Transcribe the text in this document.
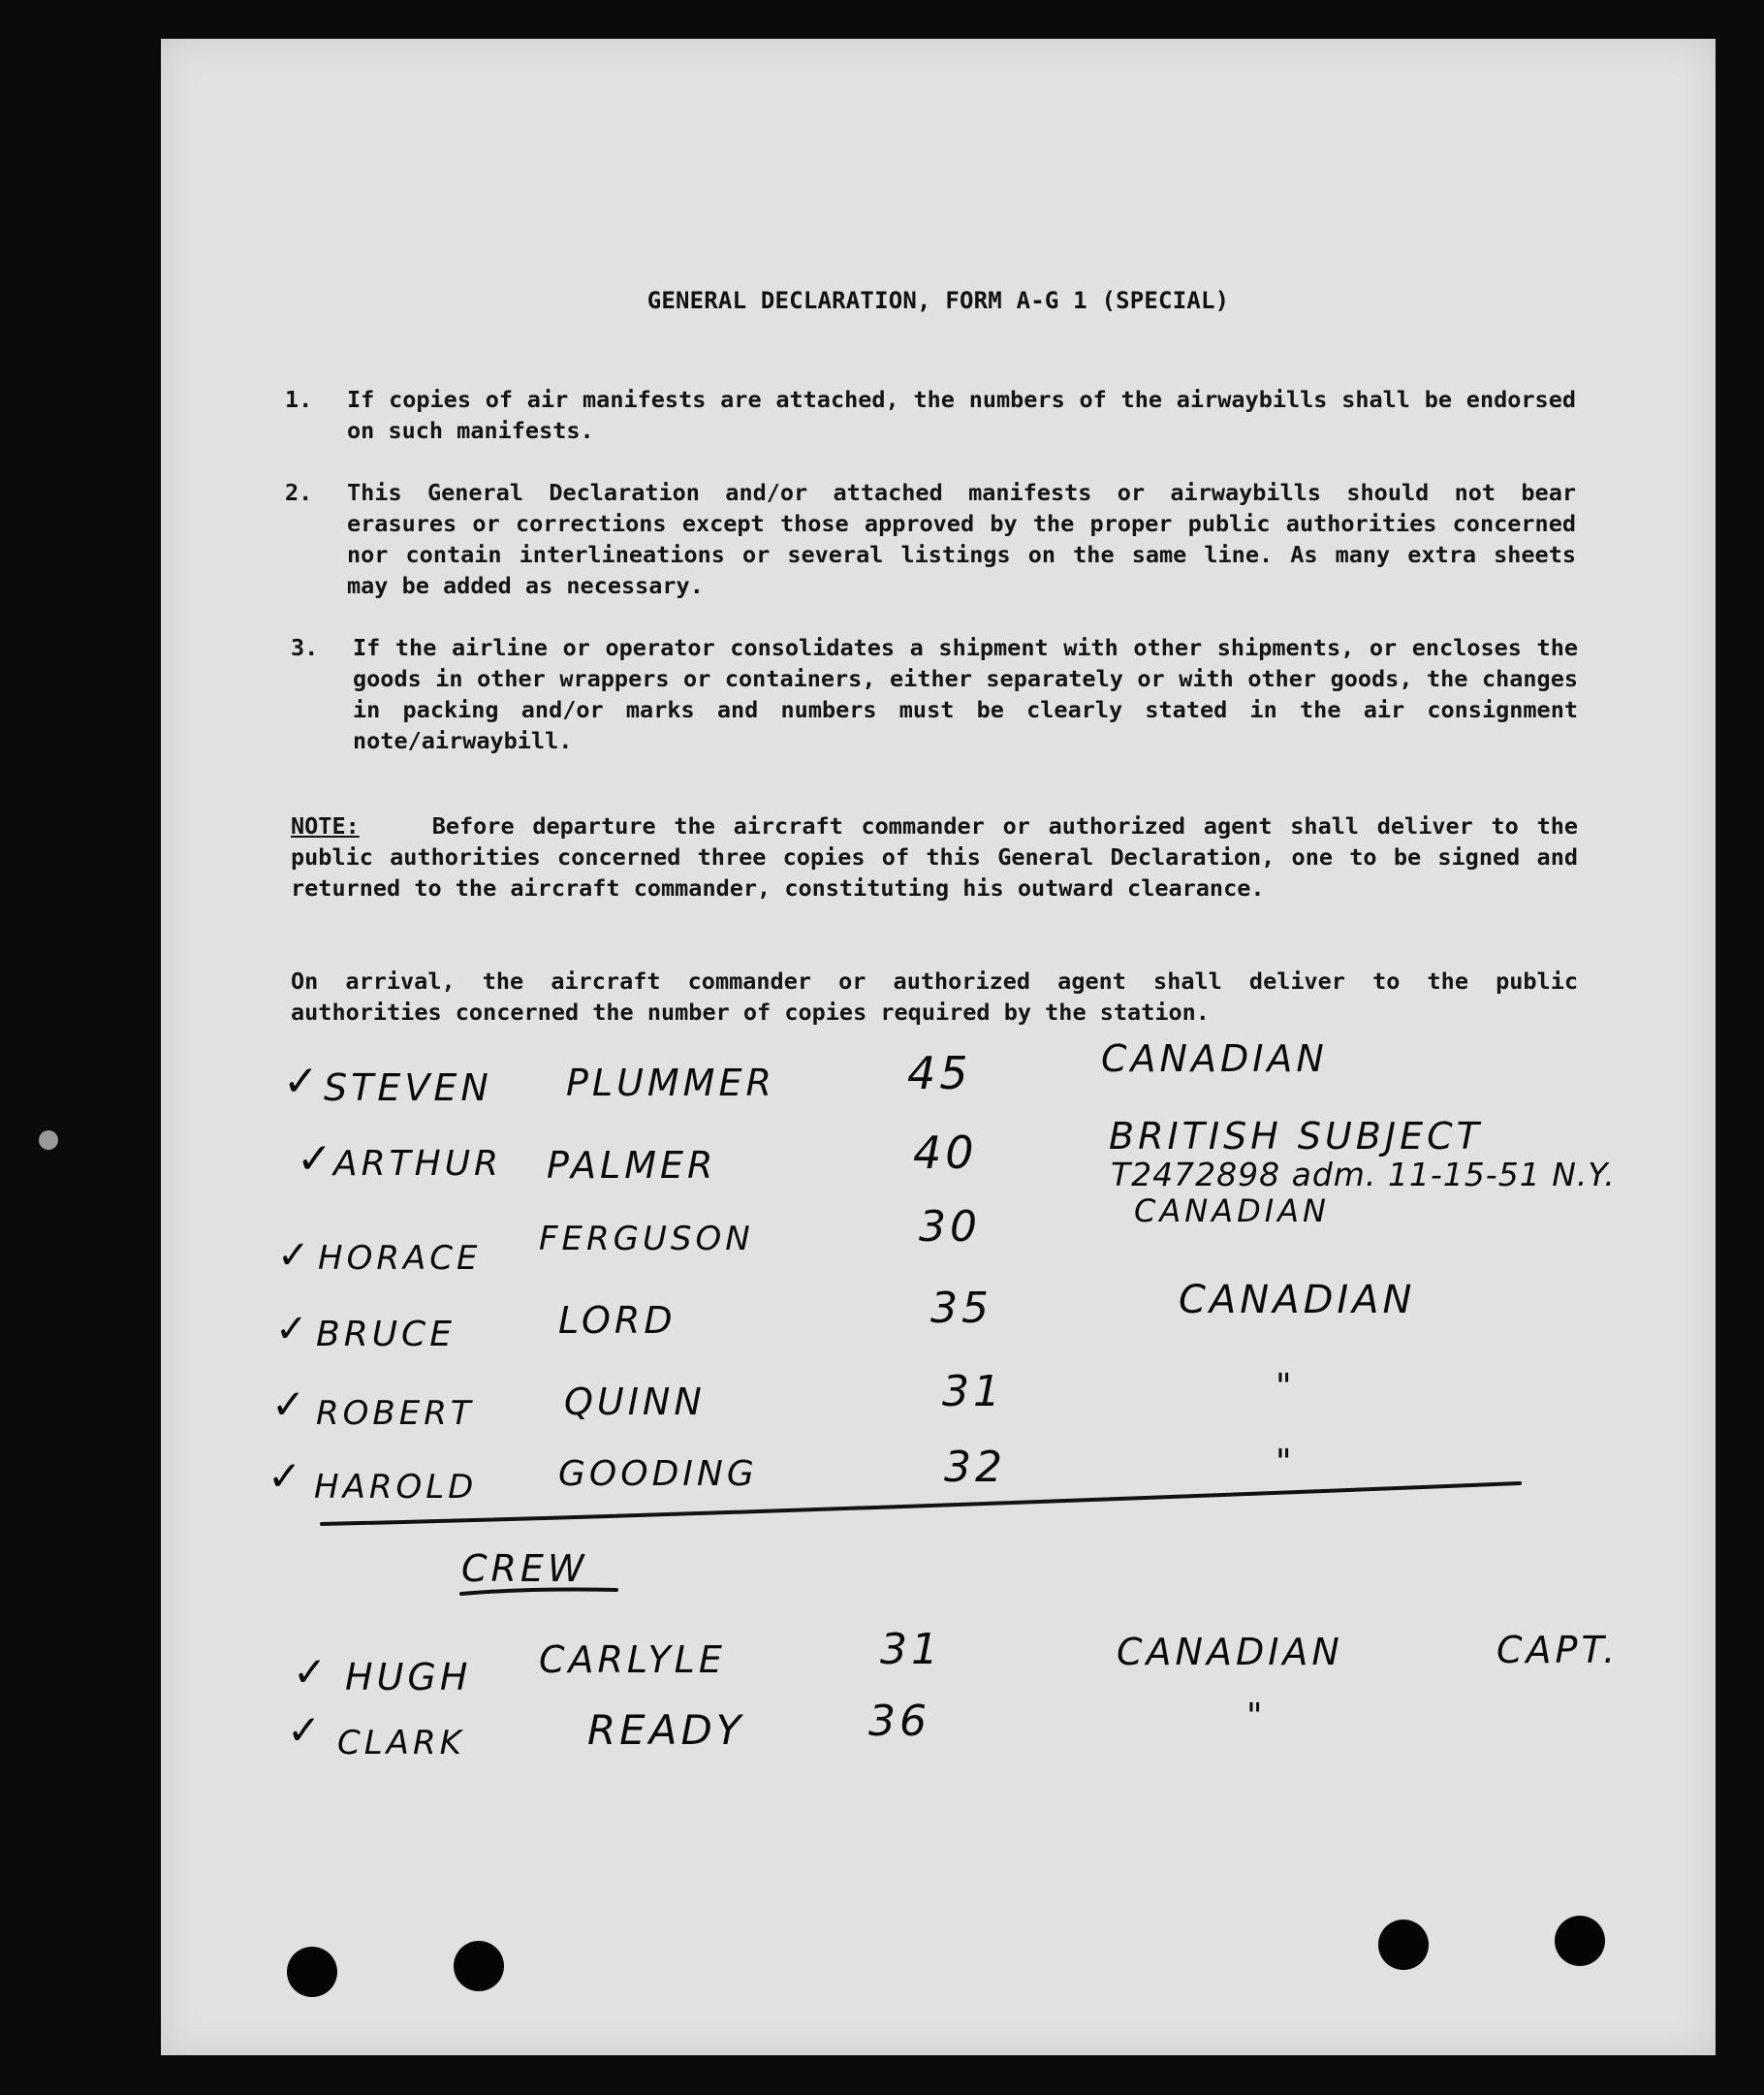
GENERAL DECLARATION, FORM A-G 1 (SPECIAL)
1. If copies of air manifests are attached, the numbers of the airwaybills shall be endorsed on such manifests.

2. This General Declaration and/or attached manifests or airwaybills should not bear erasures or corrections except those approved by the proper public authorities concerned nor contain interlineations or several listings on the same line. As many extra sheets may be added as necessary.

3. If the airline or operator consolidates a shipment with other shipments, or encloses the goods in other wrappers or containers, either separately or with other goods, the changes in packing and/or marks and numbers must be clearly stated in the air consignment note/airwaybill.

NOTE:	Before departure the aircraft commander or authorized agent shall deliver to the public authorities concerned three copies of this General Declaration, one to be signed and returned to the aircraft commander, constituting his outward clearance.

On arrival, the aircraft commander or authorized agent shall deliver to the public authorities concerned the number of copies required by the station.

✓ STEVEN PLUMMER	45	CANADIAN
✓
ARTHUR PALMER	40	BRITISH SUBJECT
T2472898 adm. 11-15-51 N.Y.
✓ HORACE FERGUSON	30	CANADIAN
✓ BRUCE	LORD	35	CANADIAN
✓ ROBERT QUINN	31	"
✓ HAROLD GOODING	32	"
CREW
✓ HUGH CARLYLE	31	CANADIAN	CAPT.
✓ CLARK	READY	36	"
